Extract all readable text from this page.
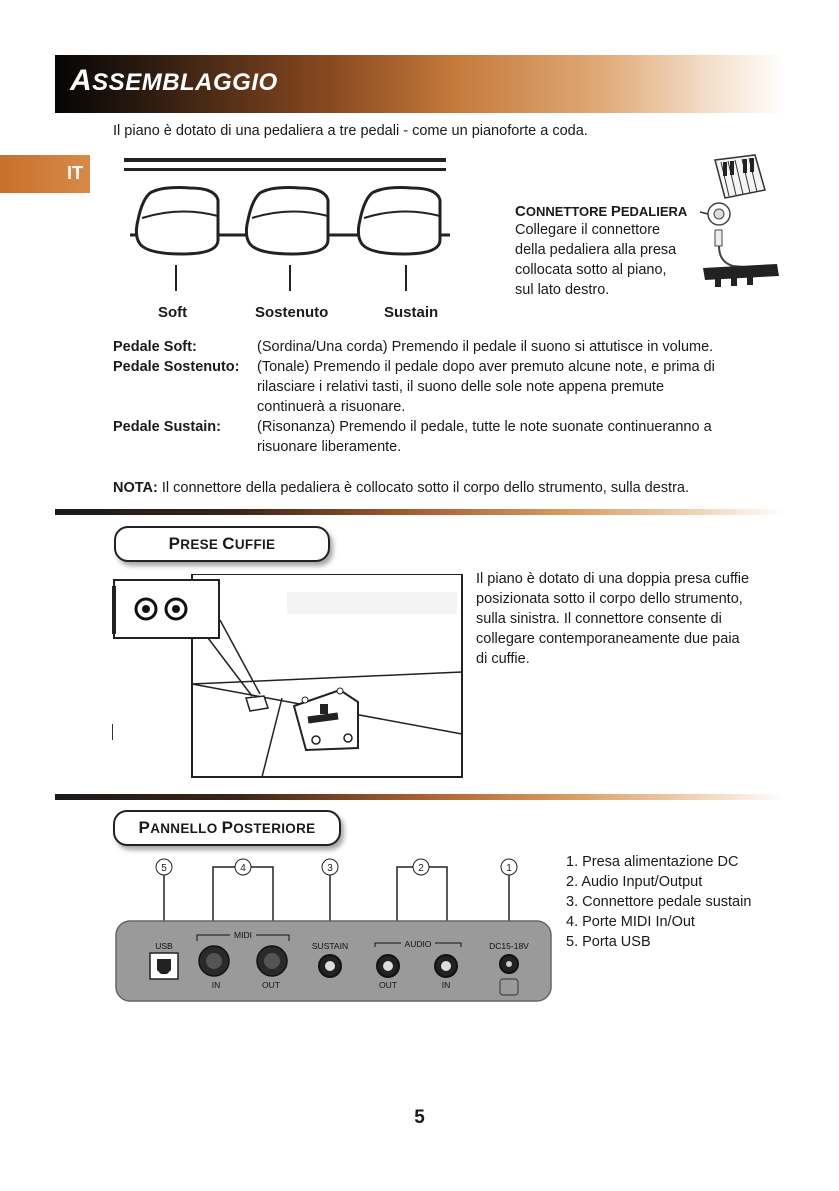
ASSEMBLAGGIO
IT
Il piano è dotato di una pedaliera a tre pedali - come un pianoforte a coda.
Soft	Sostenuto	Sustain
CONNETTORE PEDALIERA
Collegare il connettore
della pedaliera alla presa
collocata sotto al piano,
sul lato destro.
Pedale Soft:	(Sordina/Una corda) Premendo il pedale il suono si attutisce in volume.
Pedale Sostenuto:	(Tonale) Premendo il pedale dopo aver premuto alcune note, e prima di
rilasciare i relativi tasti, il suono delle sole note appena premute
continuerà a risuonare.
Pedale Sustain:	(Risonanza) Premendo il pedale, tutte le note suonate continueranno a
risuonare liberamente.
NOTA: Il connettore della pedaliera è collocato sotto il corpo dello strumento, sulla destra.
PRESE CUFFIE
Il piano è dotato di una doppia presa cuffie
posizionata sotto il corpo dello strumento,
sulla sinistra. Il connettore consente di
collegare contemporaneamente due paia
di cuffie.
PANNELLO POSTERIORE
5	4	3	2	1
USB
MIDI
IN	OUT
SUSTAIN	AUDIO
OUT	IN
DC15-18V
1. Presa alimentazione DC
2. Audio Input/Output
3. Connettore pedale sustain
4. Porte MIDI In/Out
5. Porta USB
5
